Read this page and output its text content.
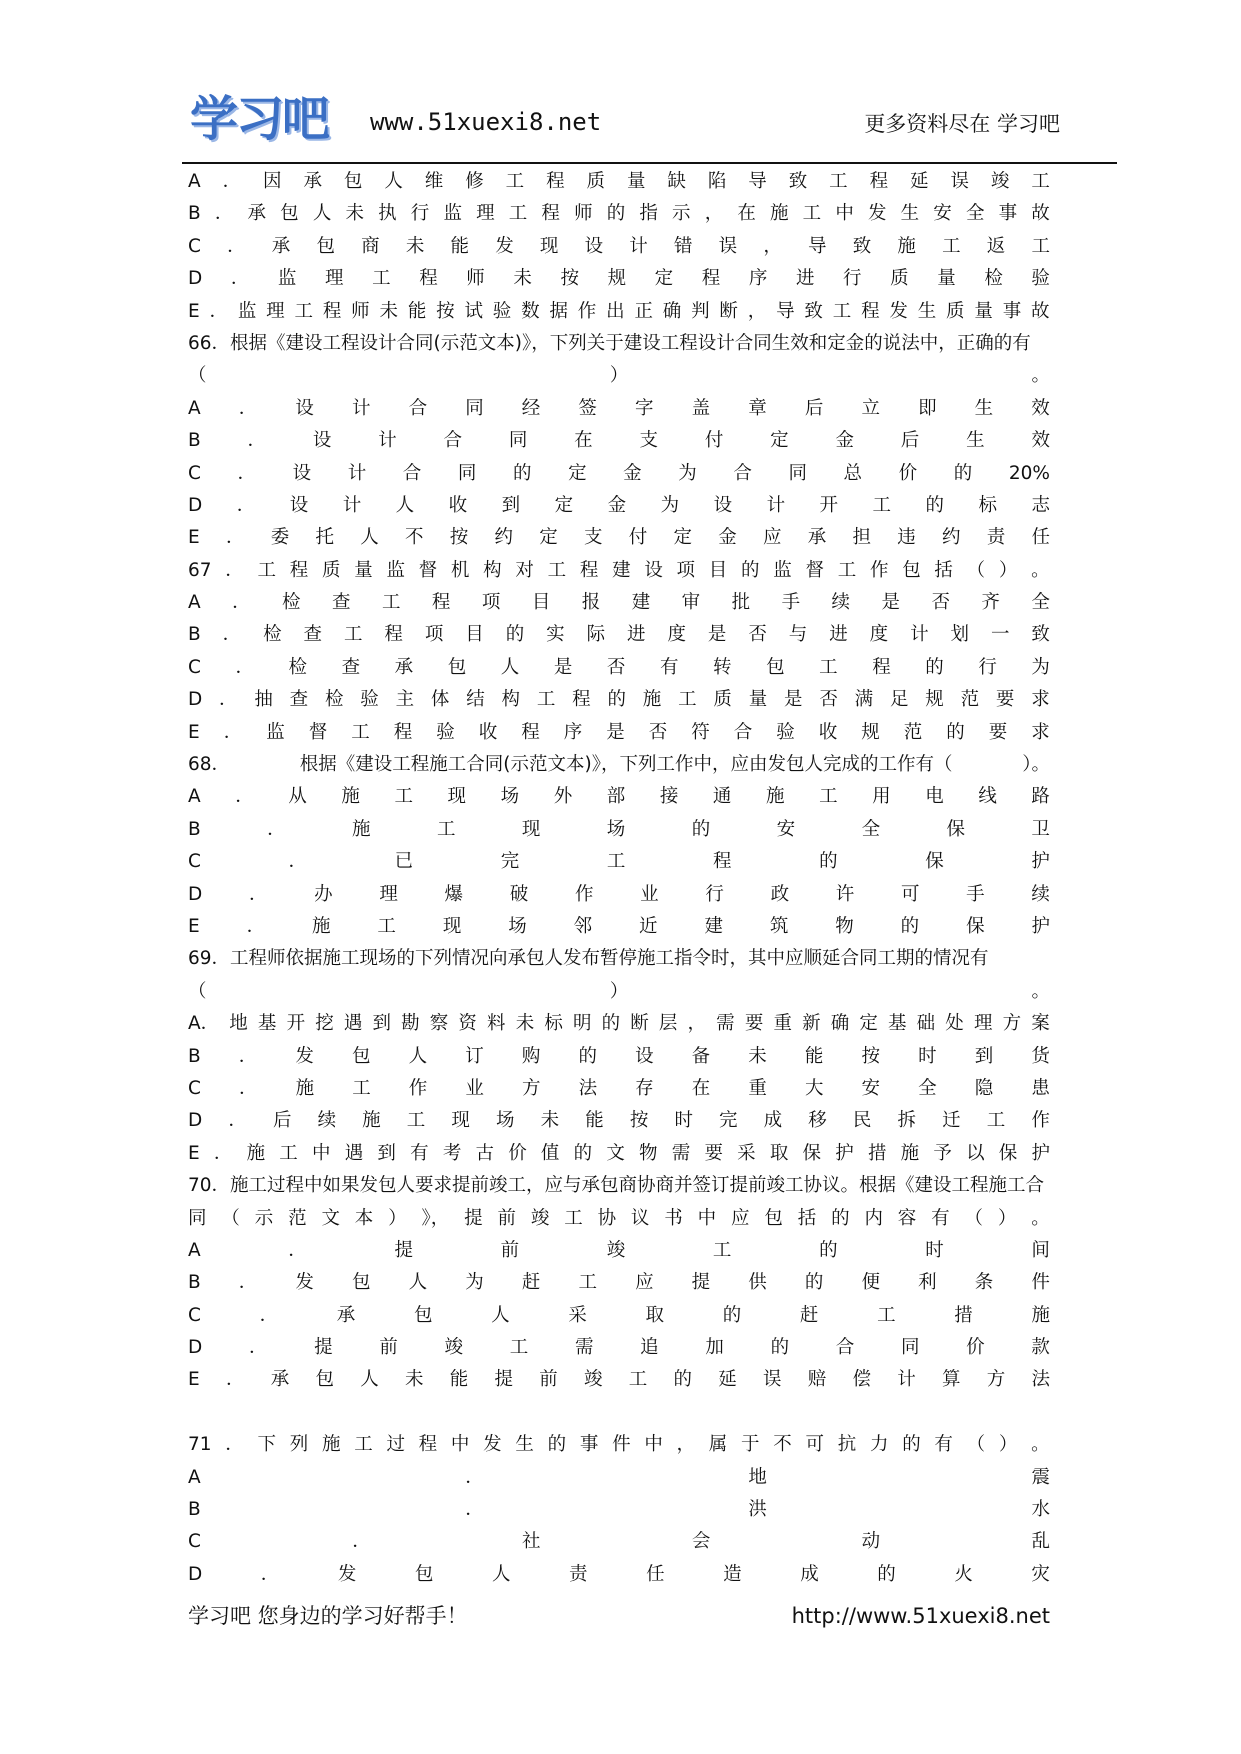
学习吧 www.51xuexi8.net	更多资料尽在 学习吧
A ． 因 承 包 人 维 修 工 程 质 量 缺 陷 导 致 工 程 延 误 竣 工
B ． 承 包 人 未 执 行 监 理 工 程 师 的 指 示 ， 在 施 工 中 发 生 安 全 事 故
C ． 承 包 商 未 能 发 现 设 计 错 误 ， 导 致 施 工 返 工
D ． 监 理 工 程 师 未 按 规 定 程 序 进 行 质 量 检 验
E ． 监 理 工 程 师 未 能 按 试 验 数 据 作 出 正 确 判 断 ， 导 致 工 程 发 生 质 量 事 故
66．根据《建设工程设计合同(示范文本)》，下列关于建设工程设计合同生效和定金的说法中，正确的有
（	）	。
A ． 设 计 合 同 经 签 字 盖 章 后 立 即 生 效
B	．	设	计	合	同	在	支	付	定	金	后	生	效
C ． 设 计 合 同 的 定 金 为 合 同 总 价 的 20%
D ． 设 计 人 收 到 定 金 为 设 计 开 工 的 标 志
E ． 委 托 人 不 按 约 定 支 付 定 金 应 承 担 违 约 责 任
67 ． 工 程 质 量 监 督 机 构 对 工 程 建 设 项 目 的 监 督 工 作 包 括 （ ） 。
A ． 检 查 工 程 项 目 报 建 审 批 手 续 是 否 齐 全
B ． 检 查 工 程 项 目 的 实 际 进 度 是 否 与 进 度 计 划 一 致
C ． 检 查 承 包 人 是 否 有 转 包 工 程 的 行 为
D ． 抽 查 检 验 主 体 结 构 工 程 的 施 工 质 量 是 否 满 足 规 范 要 求
E ． 监 督 工 程 验 收 程 序 是 否 符 合 验 收 规 范 的 要 求
68．	根据《建设工程施工合同(示范文本)》，下列工作中，应由发包人完成的工作有（	）。
A ． 从 施 工 现 场 外 部 接 通 施 工 用 电 线 路
B	．	施	工	现	场	的	安	全	保	卫
C	．	已	完	工	程	的	保	护
D	．	办	理	爆	破	作	业	行	政	许	可	手	续
E	．	施	工	现	场	邻	近	建	筑	物	的	保	护
69．工程师依据施工现场的下列情况向承包人发布暂停施工指令时，其中应顺延合同工期的情况有
（	）	。
A． 地 基 开 挖 遇 到 勘 察 资 料 未 标 明 的 断 层 ， 需 要 重 新 确 定 基 础 处 理 方 案
B ． 发 包 人 订 购 的 设 备 未 能 按 时 到 货
C ． 施 工 作 业 方 法 存 在 重 大 安 全 隐 患
D ． 后 续 施 工 现 场 未 能 按 时 完 成 移 民 拆 迁 工 作
E ． 施 工 中 遇 到 有 考 古 价 值 的 文 物 需 要 采 取 保 护 措 施 予 以 保 护
70．施工过程中如果发包人要求提前竣工，应与承包商协商并签订提前竣工协议。根据《建设工程施工合
同 （ 示 范 文 本 ） 》， 提 前 竣 工 协 议 书 中 应 包 括 的 内 容 有 （ ） 。
A	．	提	前	竣	工	的	时	间
B ． 发 包 人 为 赶 工 应 提 供 的 便 利 条 件
C	．	承	包	人	采	取	的	赶	工	措	施
D	．	提	前	竣	工	需	追	加	的	合	同	价	款
E ． 承 包 人 未 能 提 前 竣 工 的 延 误 赔 偿 计 算 方 法
71 ． 下 列 施 工 过 程 中 发 生 的 事 件 中 ， 属 于 不 可 抗 力 的 有 （ ） 。
A	．	地	震
B	．	洪	水
C	．	社	会	动	乱
D	．	发	包	人	责	任	造	成	的	火	灾
学习吧 您身边的学习好帮手！	http://www.51xuexi8.net
